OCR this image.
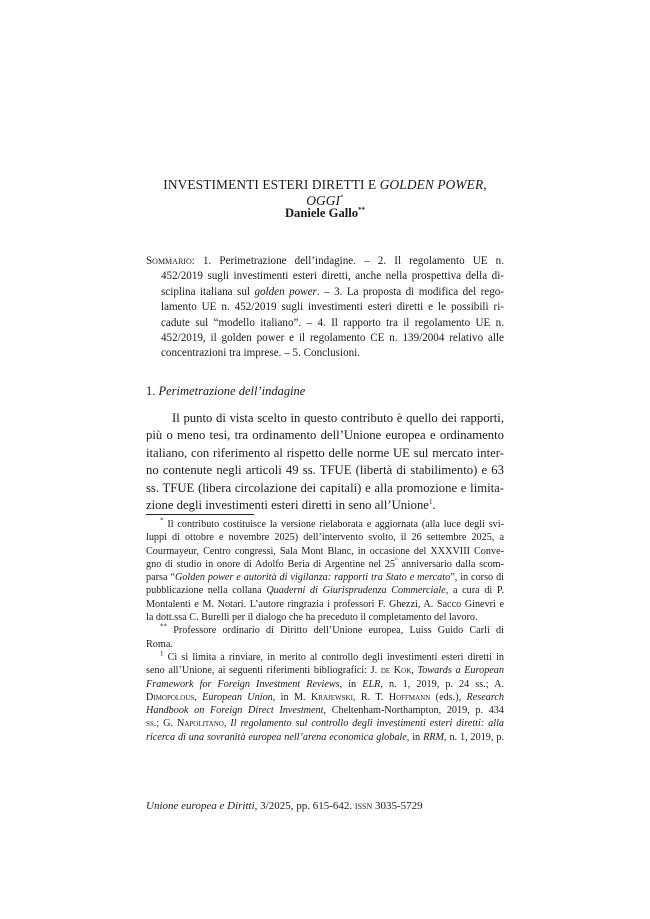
INVESTIMENTI ESTERI DIRETTI E GOLDEN POWER, OGGI*
Daniele Gallo**
Sommario: 1. Perimetrazione dell’indagine. – 2. Il regolamento UE n.
452/2019 sugli investimenti esteri diretti, anche nella prospettiva della di-
sciplina italiana sul golden power. – 3. La proposta di modifica del rego-
lamento UE n. 452/2019 sugli investimenti esteri diretti e le possibili ri-
cadute sul “modello italiano”. – 4. Il rapporto tra il regolamento UE n.
452/2019, il golden power e il regolamento CE n. 139/2004 relativo alle
concentrazioni tra imprese. – 5. Conclusioni.
1. Perimetrazione dell’indagine
Il punto di vista scelto in questo contributo è quello dei rapporti,
più o meno tesi, tra ordinamento dell’Unione europea e ordinamento
italiano, con riferimento al rispetto delle norme UE sul mercato inter-
no contenute negli articoli 49 ss. TFUE (libertà di stabilimento) e 63
ss. TFUE (libera circolazione dei capitali) e alla promozione e limita-
zione degli investimenti esteri diretti in seno all’Unione$^1$.
* Il contributo costituisce la versione rielaborata e aggiornata (alla luce degli svi-
luppi di ottobre e novembre 2025) dell’intervento svolto, il 26 settembre 2025, a
Courmayeur, Centro congressi, Sala Mont Blanc, in occasione del XXXVIII Conve-
gno di studio in onore di Adolfo Beria di Argentine nel 25° anniversario dalla scom-
parsa “Golden power e autorità di vigilanza: rapporti tra Stato e mercato”, in corso di
pubblicazione nella collana Quaderni di Giurisprudenza Commerciale, a cura di P.
Montalenti e M. Notari. L’autore ringrazia i professori F. Ghezzi, A. Sacco Ginevri e
la dott.ssa C. Burelli per il dialogo che ha preceduto il completamento del lavoro.
** Professore ordinario di Diritto dell’Unione europea, Luiss Guido Carli di
Roma.
$^1$ Ci si limita a rinviare, in merito al controllo degli investimenti esteri diretti in
seno all’Unione, ai seguenti riferimenti bibliografici: J. de Kok, Towards a European
Framework for Foreign Investment Reviews, in ELR, n. 1, 2019, p. 24 ss.; A.
Dimopolous, European Union, in M. Krajewski, R. T. Hoffmann (eds.), Research
Handbook on Foreign Direct Investment, Cheltenham-Northampton, 2019, p. 434
ss.; G. Napolitano, Il regolamento sul controllo degli investimenti esteri diretti: alla
ricerca di una sovranità europea nell’arena economica globale, in RRM, n. 1, 2019, p.
Unione europea e Diritti, 3/2025, pp. 615-642. issn 3035-5729
